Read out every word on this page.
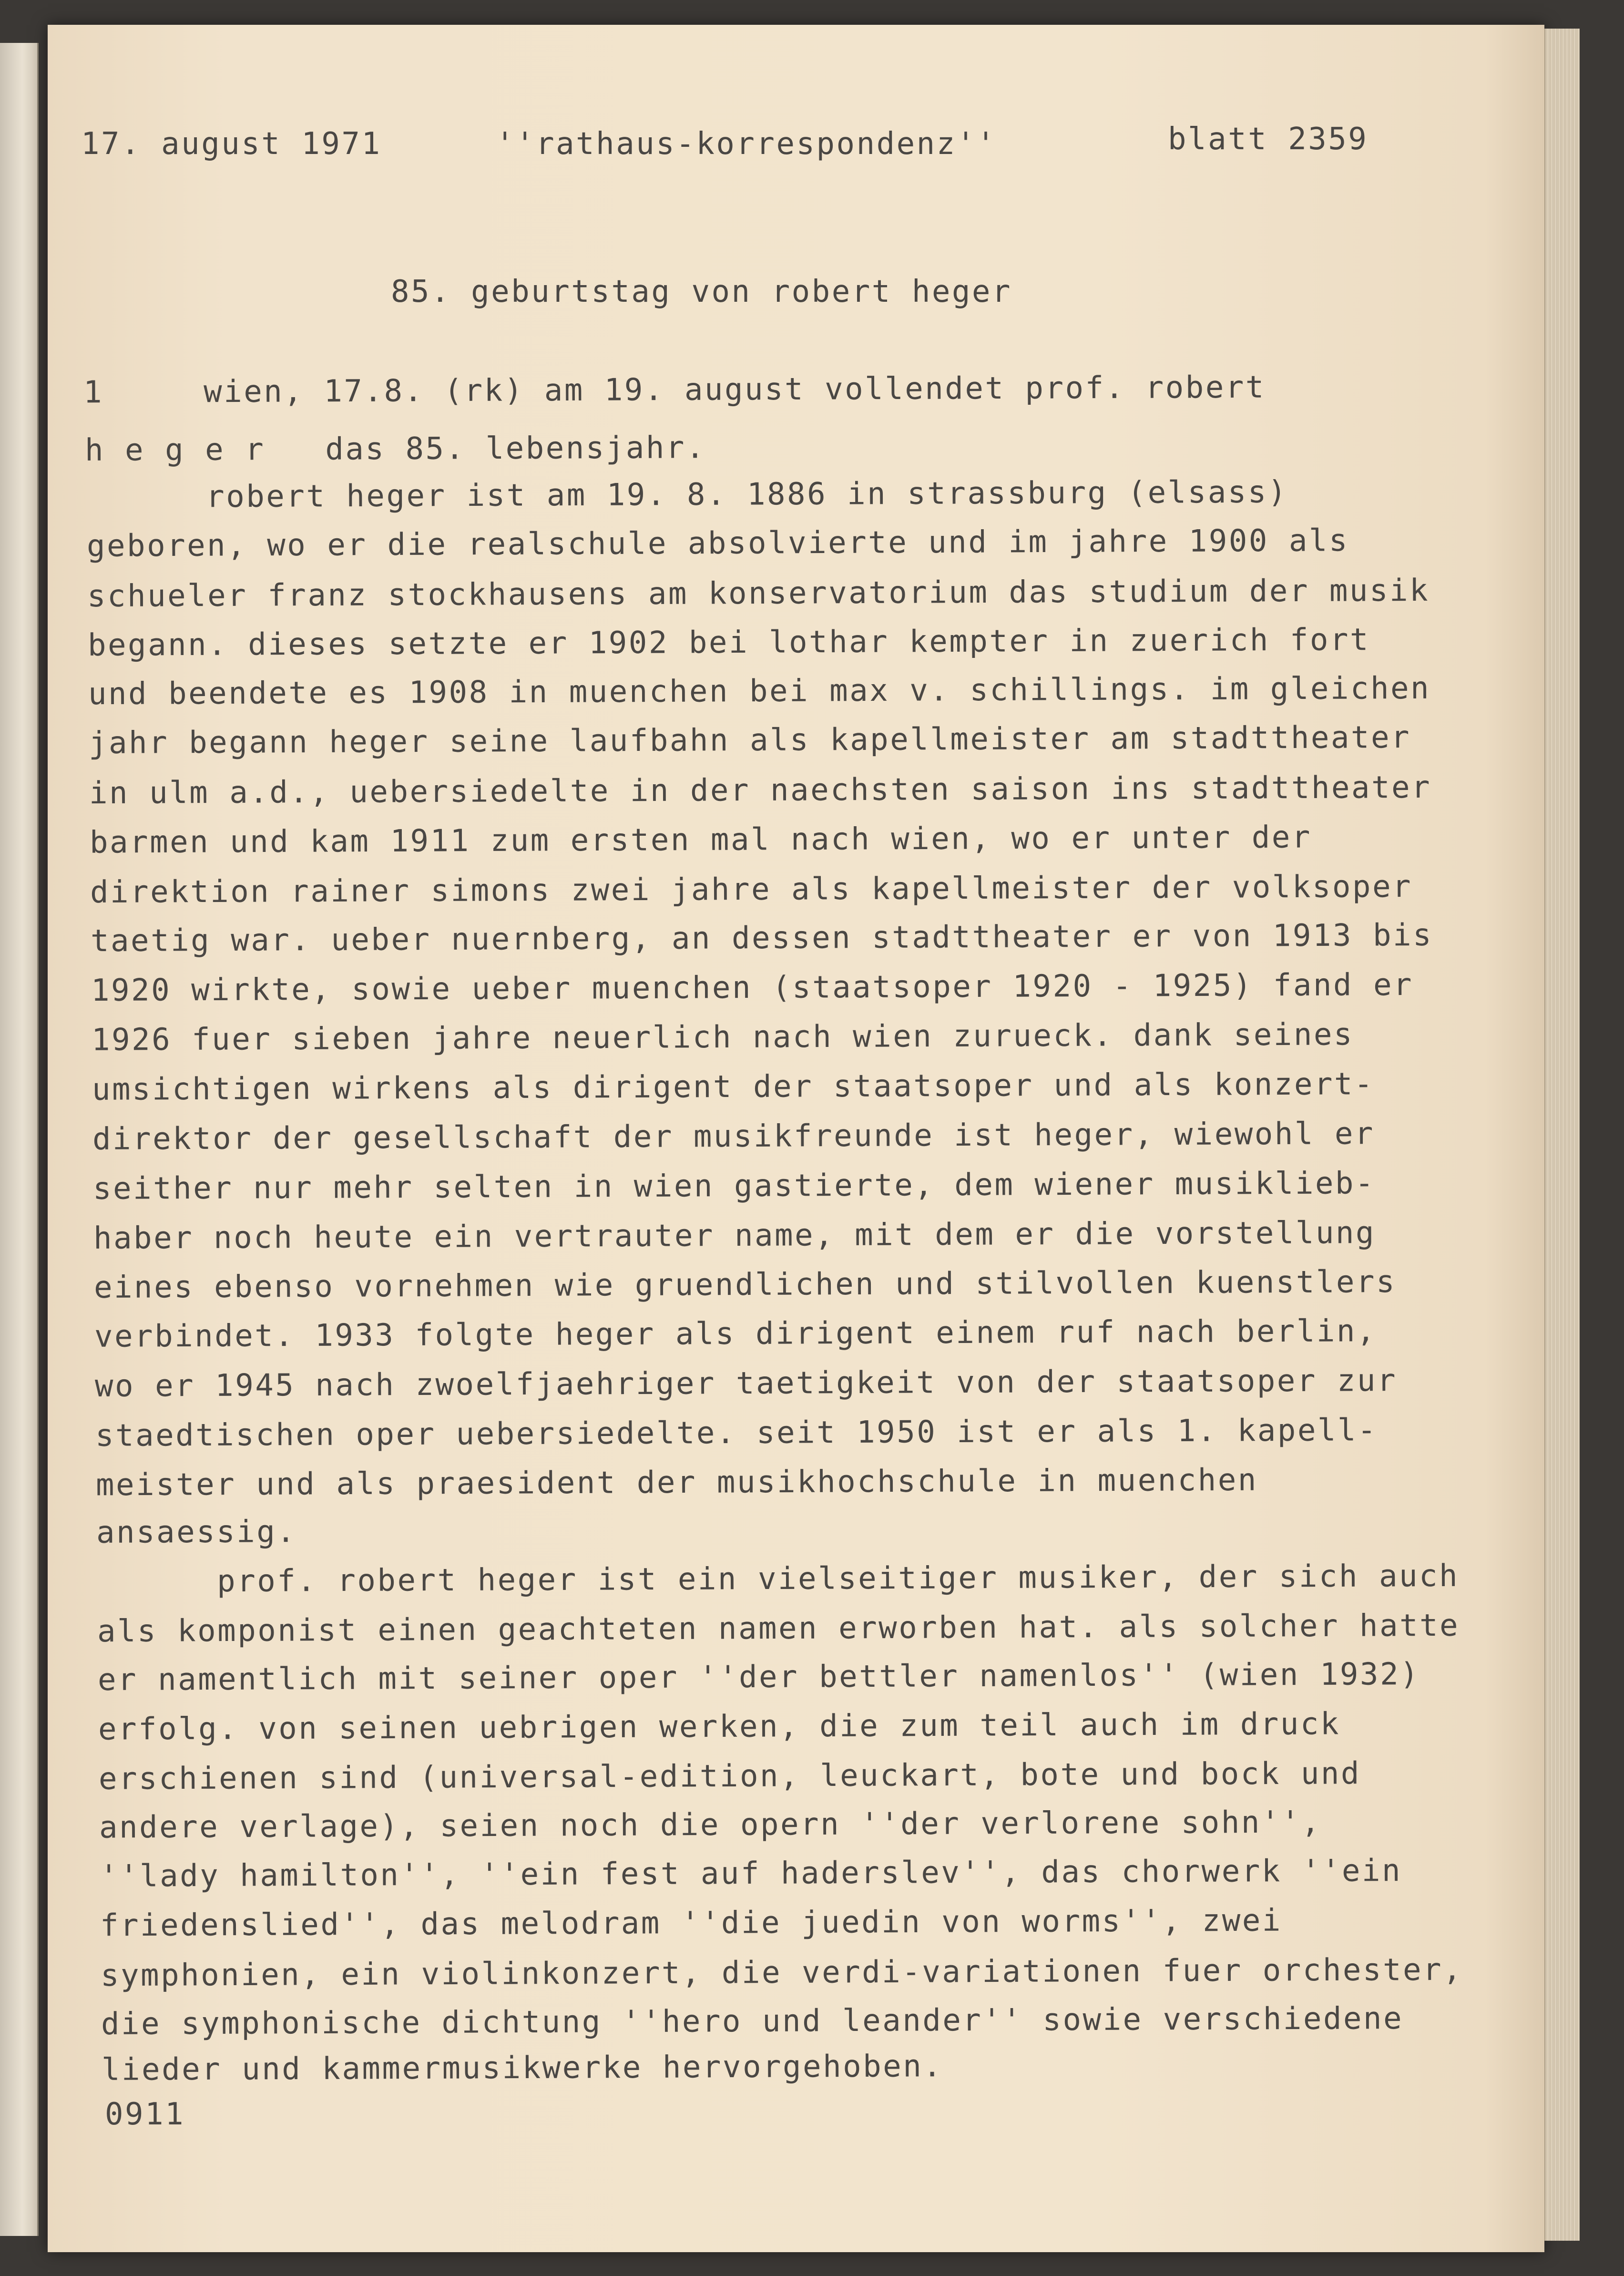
17. august 1971	''rathaus-korrespondenz''	blatt 2359
85. geburtstag von robert heger
1     wien, 17.8. (rk) am 19. august vollendet prof. robert
h e g e r   das 85. lebensjahr.
robert heger ist am 19. 8. 1886 in strassburg (elsass)
geboren, wo er die realschule absolvierte und im jahre 1900 als
schueler franz stockhausens am konservatorium das studium der musik
begann. dieses setzte er 1902 bei lothar kempter in zuerich fort
und beendete es 1908 in muenchen bei max v. schillings. im gleichen
jahr begann heger seine laufbahn als kapellmeister am stadttheater
in ulm a.d., uebersiedelte in der naechsten saison ins stadttheater
barmen und kam 1911 zum ersten mal nach wien, wo er unter der
direktion rainer simons zwei jahre als kapellmeister der volksoper
taetig war. ueber nuernberg, an dessen stadttheater er von 1913 bis
1920 wirkte, sowie ueber muenchen (staatsoper 1920 - 1925) fand er
1926 fuer sieben jahre neuerlich nach wien zurueck. dank seines
umsichtigen wirkens als dirigent der staatsoper und als konzert-
direktor der gesellschaft der musikfreunde ist heger, wiewohl er
seither nur mehr selten in wien gastierte, dem wiener musiklieb-
haber noch heute ein vertrauter name, mit dem er die vorstellung
eines ebenso vornehmen wie gruendlichen und stilvollen kuenstlers
verbindet. 1933 folgte heger als dirigent einem ruf nach berlin,
wo er 1945 nach zwoelfjaehriger taetigkeit von der staatsoper zur
staedtischen oper uebersiedelte. seit 1950 ist er als 1. kapell-
meister und als praesident der musikhochschule in muenchen
ansaessig.
prof. robert heger ist ein vielseitiger musiker, der sich auch
als komponist einen geachteten namen erworben hat. als solcher hatte
er namentlich mit seiner oper ''der bettler namenlos'' (wien 1932)
erfolg. von seinen uebrigen werken, die zum teil auch im druck
erschienen sind (universal-edition, leuckart, bote und bock und
andere verlage), seien noch die opern ''der verlorene sohn'',
''lady hamilton'', ''ein fest auf haderslev'', das chorwerk ''ein
friedenslied'', das melodram ''die juedin von worms'', zwei
symphonien, ein violinkonzert, die verdi-variationen fuer orchester,
die symphonische dichtung ''hero und leander'' sowie verschiedene
lieder und kammermusikwerke hervorgehoben.
0911
